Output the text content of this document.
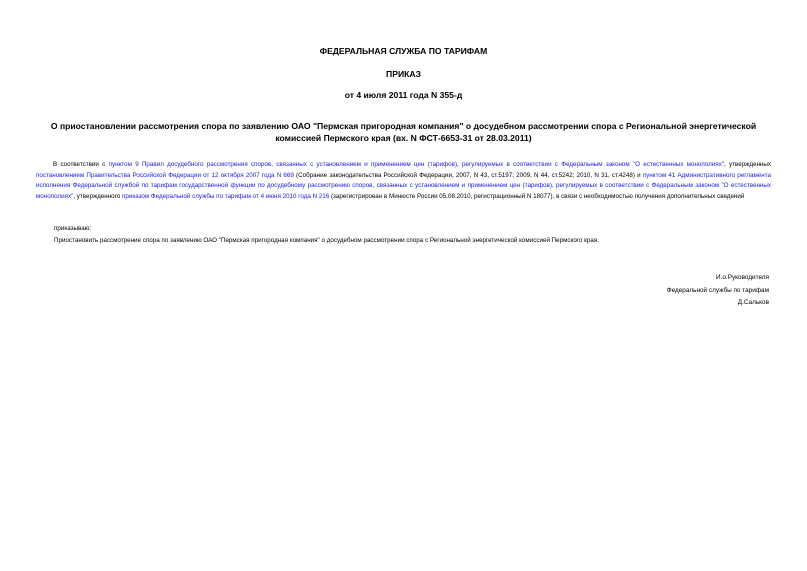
ФЕДЕРАЛЬНАЯ СЛУЖБА ПО ТАРИФАМ
ПРИКАЗ
от 4 июля 2011 года N 355-д
О приостановлении рассмотрения спора по заявлению ОАО "Пермская пригородная компания" о досудебном рассмотрении спора с Региональной энергетической
комиссией Пермского края (вх. N ФСТ-6653-31 от 28.03.2011)
В соответствии с пунктом 9 Правил досудебного рассмотрения споров, связанных с установлением и применением цен (тарифов), регулируемых в соответствии с Федеральным законом "О естественных монополиях", утвержденных постановлением Правительства Российской Федерации от 12 октября 2007 года N 669 (Собрание законодательства Российской Федерации, 2007, N 43, ст.5197; 2009, N 44, ст.5242; 2010, N 31, ст.4248) и пунктом 41 Административного регламента исполнения Федеральной службой по тарифам государственной функции по досудебному рассмотрению споров, связанных с установлением и применением цен (тарифов), регулируемых в соответствии с Федеральным законом "О естественных монополиях", утвержденного приказом Федеральной службы по тарифам от 4 июня 2010 года N 216 (зарегистрирован в Минюсте России 05.08.2010, регистрационный N 18077), в связи с необходимостью получения дополнительных сведений
приказываю:
Приостановить рассмотрение спора по заявлению ОАО "Пермская пригородная компания" о досудебном рассмотрении спора с Региональной энергетической комиссией Пермского края.
И.о.Руководителя
Федеральной службы по тарифам
Д.Сальков
